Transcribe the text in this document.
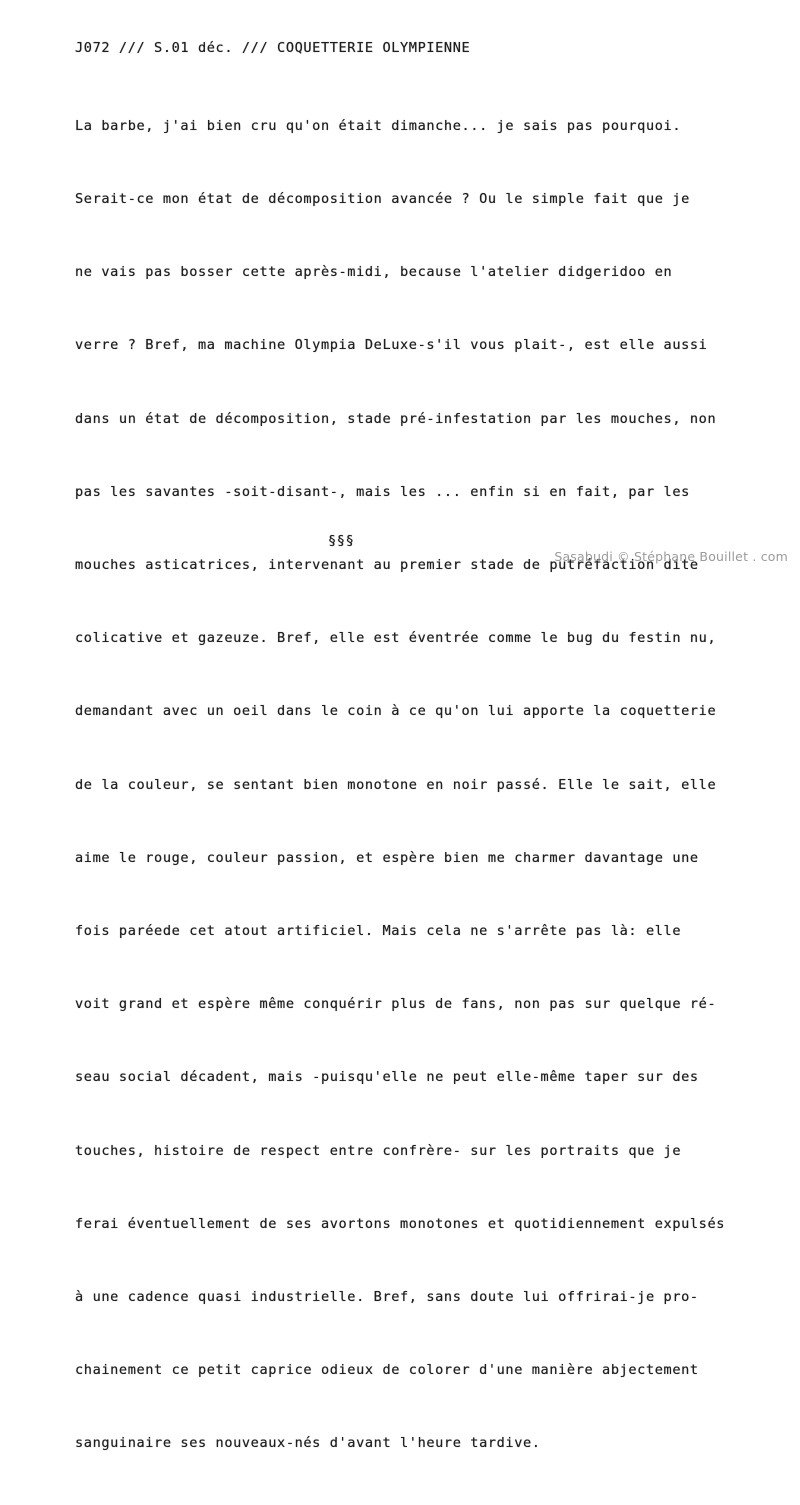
J072 /// S.01 déc. /// COQUETTERIE OLYMPIENNE

La barbe, j'ai bien cru qu'on était dimanche... je sais pas pourquoi.

Serait-ce mon état de décomposition avancée ? Ou le simple fait que je

ne vais pas bosser cette après-midi, because l'atelier didgeridoo en

verre ? Bref, ma machine Olympia DeLuxe-s'il vous plait-, est elle aussi

dans un état de décomposition, stade pré-infestation par les mouches, non

pas les savantes -soit-disant-, mais les ... enfin si en fait, par les

mouches asticatrices, intervenant au premier stade de putréfaction dite

colicative et gazeuze. Bref, elle est éventrée comme le bug du festin nu,

demandant avec un oeil dans le coin à ce qu'on lui apporte la coquetterie

de la couleur, se sentant bien monotone en noir passé. Elle le sait, elle

aime le rouge, couleur passion, et espère bien me charmer davantage une

fois paréede cet atout artificiel. Mais cela ne s'arrête pas là: elle

voit grand et espère même conquérir plus de fans, non pas sur quelque ré-

seau social décadent, mais -puisqu'elle ne peut elle-même taper sur des

touches, histoire de respect entre confrère- sur les portraits que je

ferai éventuellement de ses avortons monotones et quotidiennement expulsés

à une cadence quasi industrielle. Bref, sans doute lui offrirai-je pro-

chainement ce petit caprice odieux de colorer d'une manière abjectement

sanguinaire ses nouveaux-nés d'avant l'heure tardive.

§§§

Sasabudi © Stéphane Bouillet . com
